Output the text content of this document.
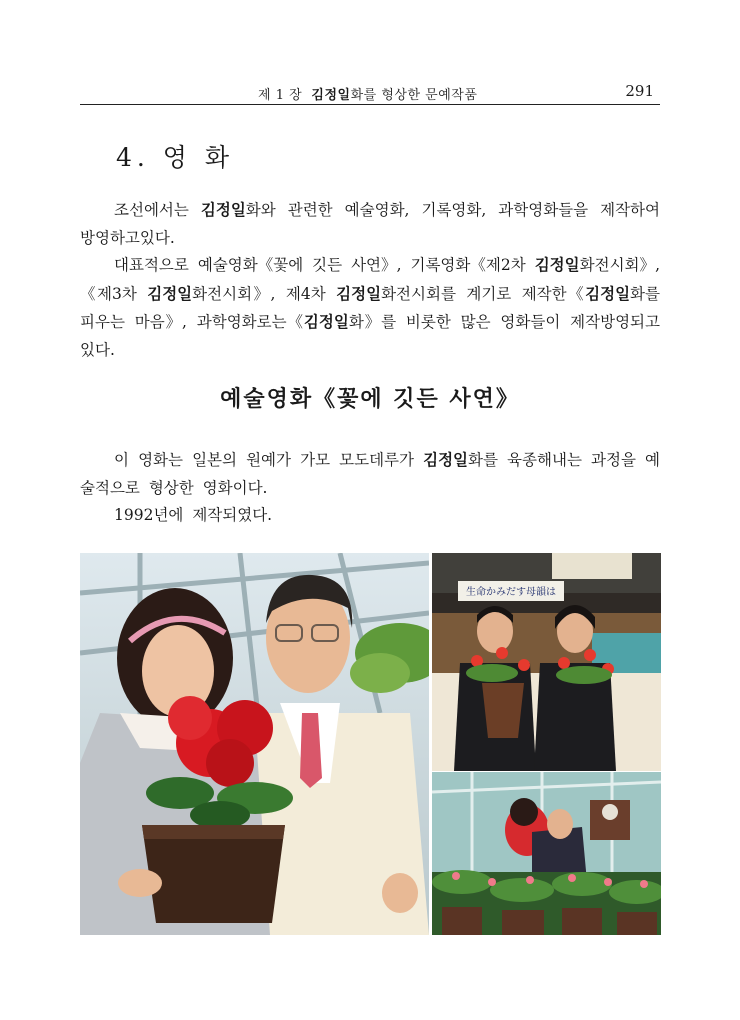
제 1 장 김정일화를 형상한 문예작품	291
4. 영 화
조선에서는 김정일화와 관련한 예술영화, 기록영화, 과학영화들을 제작하여 방영하고있다.
대표적으로 예술영화《꽃에 깃든 사연》, 기록영화《제2차 김정일화전시회》, 《제3차 김정일화전시회》, 제4차 김정일화전시회를 계기로 제작한《김정일화를 피우는 마음》, 과학영화로는《김정일화》를 비롯한 많은 영화들이 제작방영되고있다.
예술영화《꽃에 깃든 사연》
이 영화는 일본의 원예가 가모 모도데루가 김정일화를 육종해내는 과정을 예술적으로 형상한 영화이다.
1992년에 제작되였다.
生命かみだす母韻は
